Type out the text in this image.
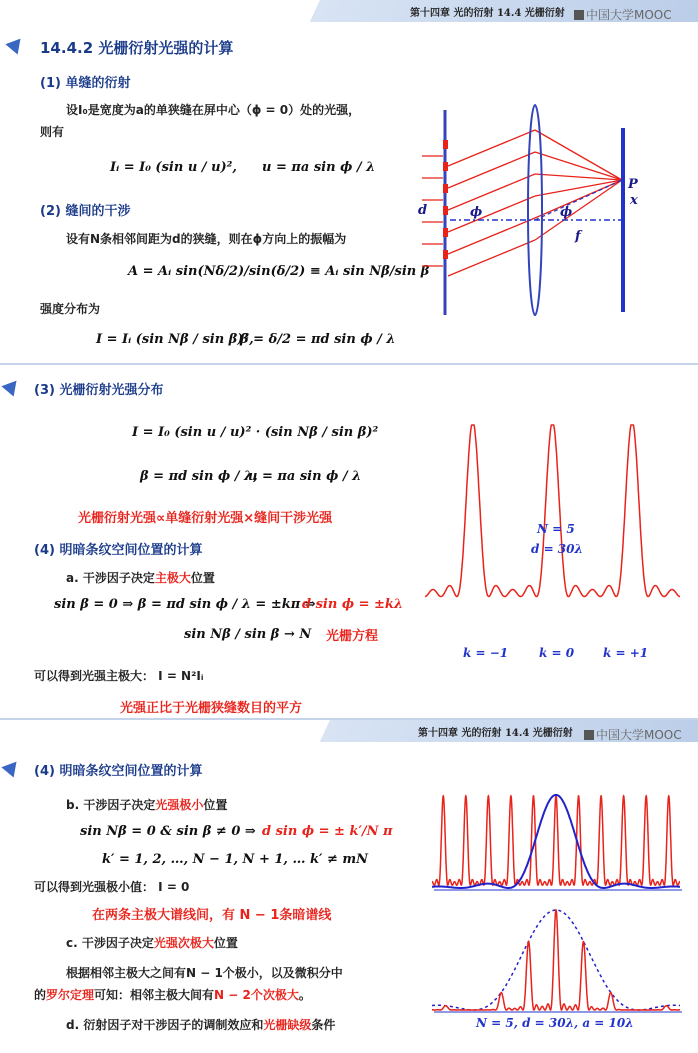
第十四章 光的衍射 14.4 光栅衍射	中国大学MOOC
14.4.2 光栅衍射光强的计算
(1) 单缝的衍射
设I₀是宽度为a的单狭缝在屏中心（ϕ = 0）处的光强，
则有
Iᵢ = I₀ (sin u / u)², u = πa sin ϕ / λ
(2) 缝间的干涉
设有N条相邻间距为d的狭缝，则在ϕ方向上的振幅为
A = Aᵢ sin(Nδ/2)/sin(δ/2) ≡ Aᵢ sin Nβ/sin β
强度分布为
I = Iᵢ (sin Nβ / sin β)²,
β = δ/2 = πd sin ϕ / λ
P
x
d	ϕ	ϕ
f
(3) 光栅衍射光强分布
I = I₀ (sin u / u)² · (sin Nβ / sin β)²
β = πd sin ϕ / λ,
u = πa sin ϕ / λ
光栅衍射光强∝单缝衍射光强×缝间干涉光强
(4) 明暗条纹空间位置的计算
a. 干涉因子决定主极大位置
sin β = 0 ⇒ β = πd sin ϕ / λ = ±kπ ⇒
d sin ϕ = ±kλ
sin Nβ / sin β → N 光栅方程
可以得到光强主极大： I = N²Iᵢ
光强正比于光栅狭缝数目的平方
N = 5
d = 30λ
k = −1	k = 0 k = +1
第十四章 光的衍射 14.4 光栅衍射	中国大学MOOC
(4) 明暗条纹空间位置的计算
b. 干涉因子决定光强极小位置
sin Nβ = 0 & sin β ≠ 0 ⇒ d sin ϕ = ± k′/N π
k′ = 1, 2, …, N − 1, N + 1, … k′ ≠ mN
可以得到光强极小值： I = 0
在两条主极大谱线间，有 N − 1条暗谱线
c. 干涉因子决定光强次极大位置
根据相邻主极大之间有N − 1个极小，以及微积分中
的罗尔定理可知：相邻主极大间有N − 2个次极大。
d. 衍射因子对干涉因子的调制效应和光栅缺级条件	N = 5, d = 30λ, a = 10λ
